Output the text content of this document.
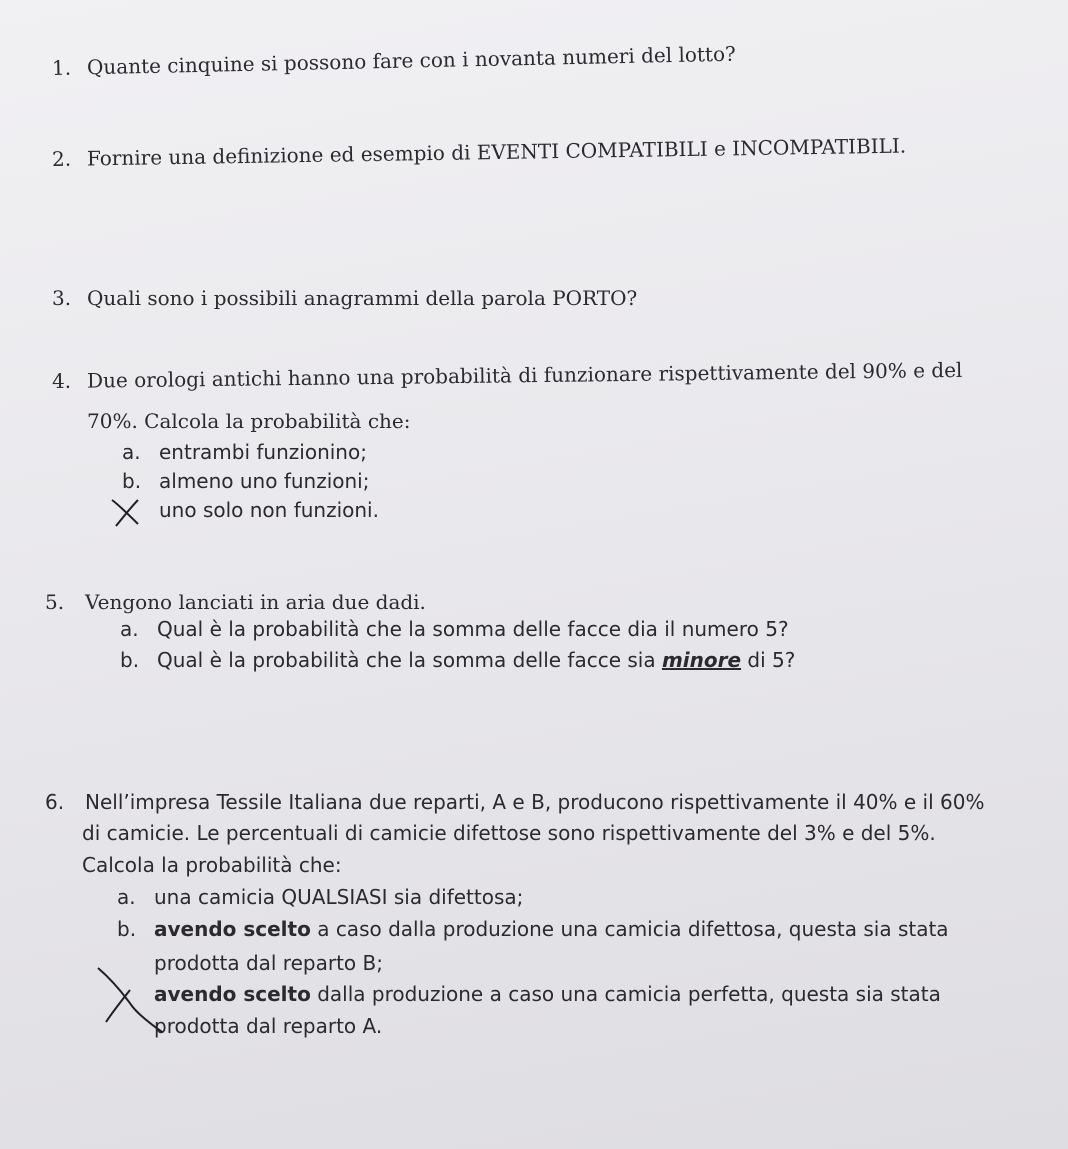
1. Quante cinquine si possono fare con i novanta numeri del lotto?
2. Fornire una definizione ed esempio di EVENTI COMPATIBILI e INCOMPATIBILI.
3. Quali sono i possibili anagrammi della parola PORTO?
4. Due orologi antichi hanno una probabilità di funzionare rispettivamente del 90% e del
70%. Calcola la probabilità che:
a. entrambi funzionino;
b. almeno uno funzioni;
uno solo non funzioni.
5. Vengono lanciati in aria due dadi.
a. Qual è la probabilità che la somma delle facce dia il numero 5?
b. Qual è la probabilità che la somma delle facce sia minore di 5?
6. Nell’impresa Tessile Italiana due reparti, A e B, producono rispettivamente il 40% e il 60%
di camicie. Le percentuali di camicie difettose sono rispettivamente del 3% e del 5%.
Calcola la probabilità che:
a. una camicia QUALSIASI sia difettosa;
b. avendo scelto a caso dalla produzione una camicia difettosa, questa sia stata
prodotta dal reparto B;
avendo scelto dalla produzione a caso una camicia perfetta, questa sia stata
prodotta dal reparto A.
